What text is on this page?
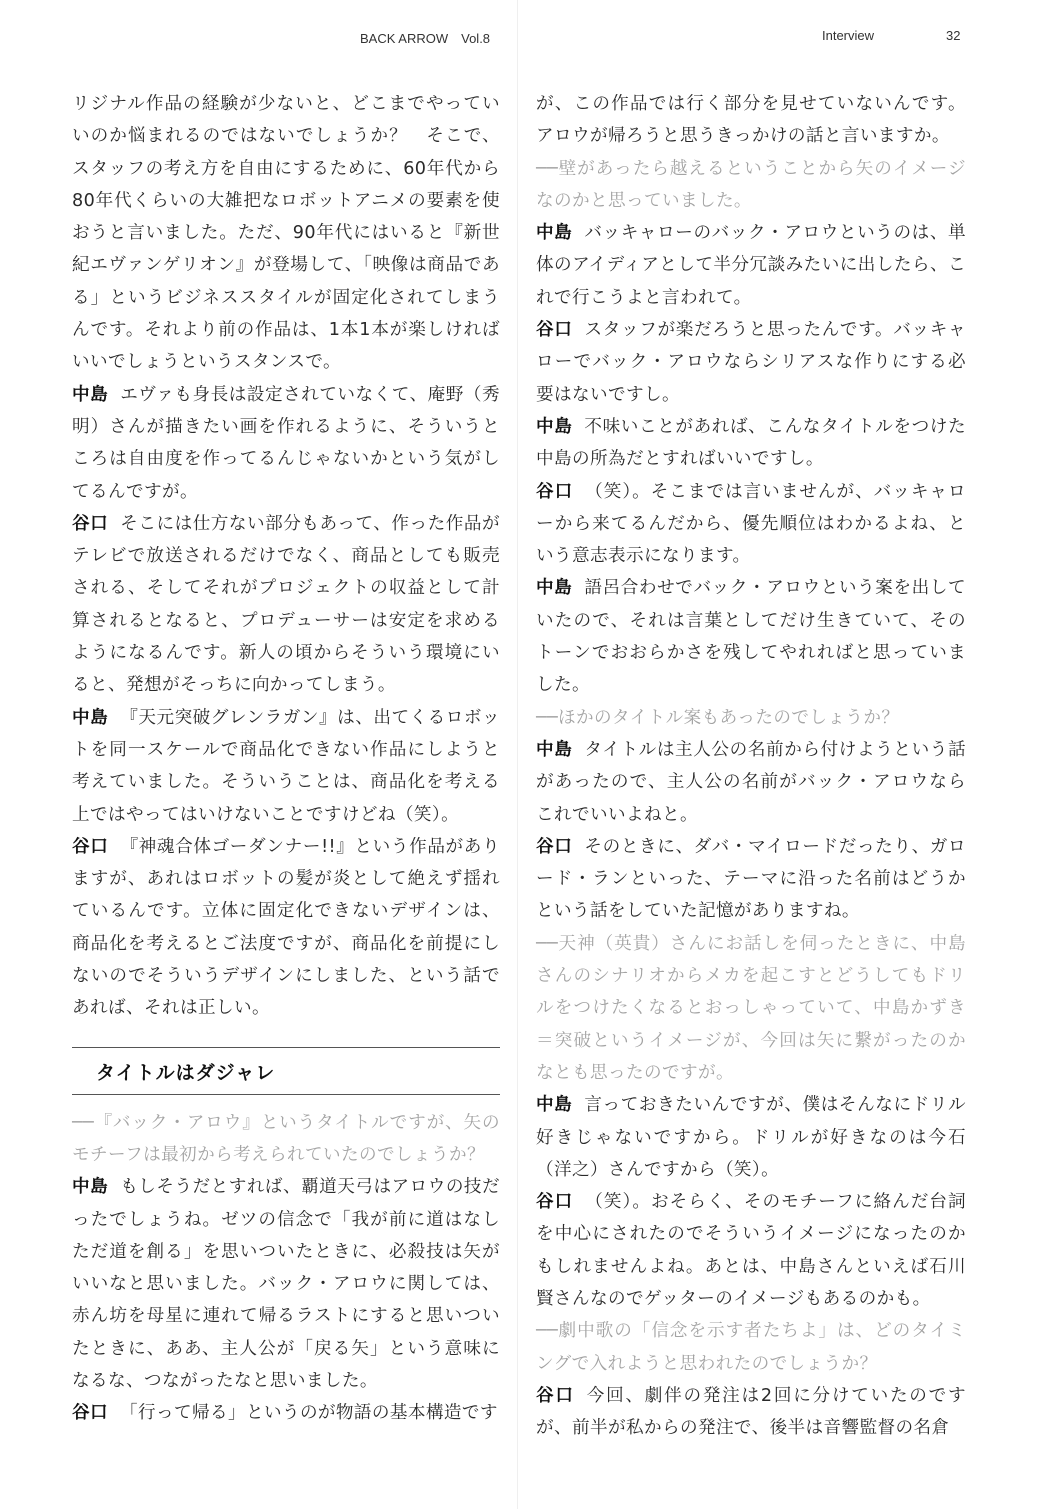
BACK ARROW　Vol.8	Interview	32

リジナル作品の経験が少ないと、どこまでやっていいのか悩まれるのではないでしょうか？　そこで、スタッフの考え方を自由にするために、60年代から80年代くらいの大雑把なロボットアニメの要素を使おうと言いました。ただ、90年代にはいると『新世紀エヴァンゲリオン』が登場して、「映像は商品である」というビジネススタイルが固定化されてしまうんです。それより前の作品は、1本1本が楽しければいいでしょうというスタンスで。

中島 エヴァも身長は設定されていなくて、庵野（秀明）さんが描きたい画を作れるように、そういうところは自由度を作ってるんじゃないかという気がしてるんですが。

谷口 そこには仕方ない部分もあって、作った作品がテレビで放送されるだけでなく、商品としても販売される、そしてそれがプロジェクトの収益として計算されるとなると、プロデューサーは安定を求めるようになるんです。新人の頃からそういう環境にいると、発想がそっちに向かってしまう。

中島 『天元突破グレンラガン』は、出てくるロボットを同一スケールで商品化できない作品にしようと考えていました。そういうことは、商品化を考える上ではやってはいけないことですけどね（笑）。

谷口 『神魂合体ゴーダンナー!!』という作品がありますが、あれはロボットの髪が炎として絶えず揺れているんです。立体に固定化できないデザインは、商品化を考えるとご法度ですが、商品化を前提にしないのでそういうデザインにしました、という話であれば、それは正しい。

タイトルはダジャレ

──『バック・アロウ』というタイトルですが、矢のモチーフは最初から考えられていたのでしょうか？

中島 もしそうだとすれば、覇道天弓はアロウの技だったでしょうね。ゼツの信念で「我が前に道はなし　ただ道を創る」を思いついたときに、必殺技は矢がいいなと思いました。バック・アロウに関しては、赤ん坊を母星に連れて帰るラストにすると思いついたときに、ああ、主人公が「戻る矢」という意味になるな、つながったなと思いました。

谷口 「行って帰る」というのが物語の基本構造です

が、この作品では行く部分を見せていないんです。アロウが帰ろうと思うきっかけの話と言いますか。

──壁があったら越えるということから矢のイメージなのかと思っていました。

中島 バッキャローのバック・アロウというのは、単体のアイディアとして半分冗談みたいに出したら、これで行こうよと言われて。

谷口 スタッフが楽だろうと思ったんです。バッキャローでバック・アロウならシリアスな作りにする必要はないですし。

中島 不味いことがあれば、こんなタイトルをつけた中島の所為だとすればいいですし。

谷口 （笑）。そこまでは言いませんが、バッキャローから来てるんだから、優先順位はわかるよね、という意志表示になります。

中島 語呂合わせでバック・アロウという案を出していたので、それは言葉としてだけ生きていて、そのトーンでおおらかさを残してやれればと思っていました。

──ほかのタイトル案もあったのでしょうか？

中島 タイトルは主人公の名前から付けようという話があったので、主人公の名前がバック・アロウならこれでいいよねと。

谷口 そのときに、ダバ・マイロードだったり、ガロード・ランといった、テーマに沿った名前はどうかという話をしていた記憶がありますね。

──天神（英貴）さんにお話しを伺ったときに、中島さんのシナリオからメカを起こすとどうしてもドリルをつけたくなるとおっしゃっていて、中島かずき＝突破というイメージが、今回は矢に繋がったのかなとも思ったのですが。

中島 言っておきたいんですが、僕はそんなにドリル好きじゃないですから。ドリルが好きなのは今石（洋之）さんですから（笑）。

谷口 （笑）。おそらく、そのモチーフに絡んだ台詞を中心にされたのでそういうイメージになったのかもしれませんよね。あとは、中島さんといえば石川賢さんなのでゲッターのイメージもあるのかも。

──劇中歌の「信念を示す者たちよ」は、どのタイミングで入れようと思われたのでしょうか？

谷口 今回、劇伴の発注は2回に分けていたのですが、前半が私からの発注で、後半は音響監督の名倉
